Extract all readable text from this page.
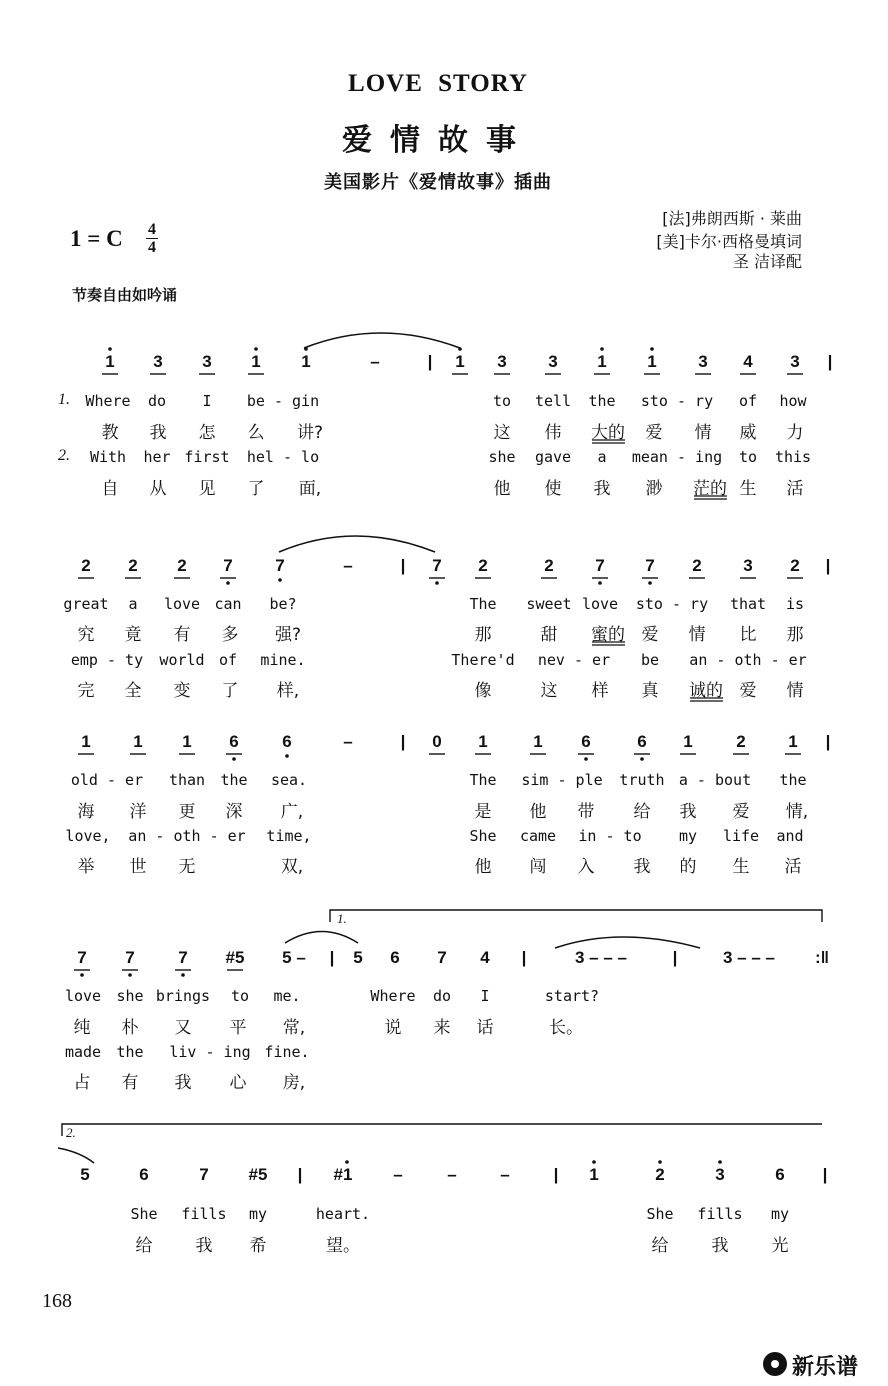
LOVE STORY
爱情故事
美国影片《爱情故事》插曲
[法]弗朗西斯 · 莱曲
[美]卡尔·西格曼填词
圣 洁译配
1 = C 4
4
节奏自由如吟诵
1 3 3 1 1	–	| 1 3 3 1 1 3 4 3 |
1. Where do I be - gin	to tell the sto - ry of how
教 我 怎 么 讲?	这 伟 大的 爱 情 威 力
2. With her first hel - lo	she gave a mean - ing to this
自 从 见 了 面,	他 使 我 渺 茫的 生 活
2 2 2 7	7	–	| 7 2	2 7 7 2 3 2 |
great a love can be?	The sweet love sto - ry that is
究 竟 有 多 强?	那	甜 蜜的 爱 情 比 那
emp - ty world of mine.	There'd nev - er be an - oth - er
完 全 变 了 样,	像	这 样 真 诚的 爱 情
1	1 1 6	6	–	| 0 1	1 6	6 1	2	1 |
old - er than the sea.	The sim - ple truth a - bout the
海 洋 更 深 广,	是 他 带 给 我 爱 情,
love, an - oth - er time,	She came in - to my life and
举 世 无	双,	他 闯 入 我 的 生 活
7 7	7 #5 5 – | 5 6 7 4 |	3 – – –	|	3 – – – :‖
love she brings to me.	Where do I	start?
纯 朴 又 平 常,	说 来 话	长。
made the liv - ing fine.
占 有 我 心 房,
1.
5	6	7 #5 | #1 –	–	–	| 1	2	3	6 |
She fills my	heart.	She fills my
给	我 希	望。	给	我	光
2.
168
新乐谱
